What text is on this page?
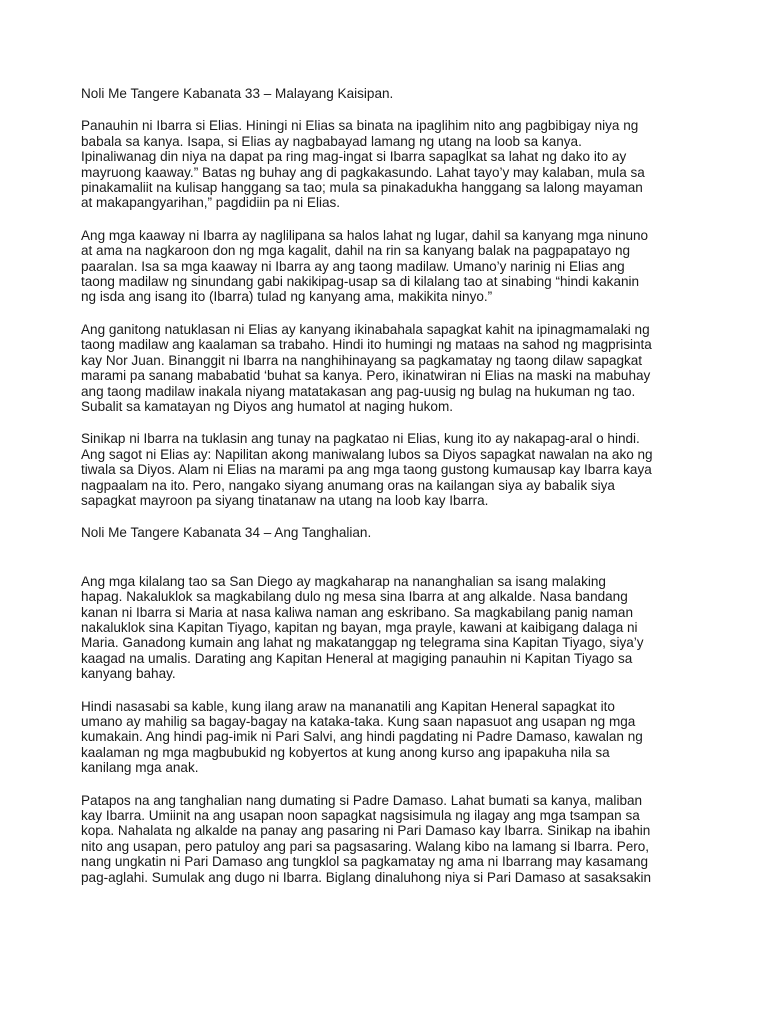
Noli Me Tangere Kabanata 33 – Malayang Kaisipan.
Panauhin ni Ibarra si Elias. Hiningi ni Elias sa binata na ipaglihim nito ang pagbibigay niya ng
babala sa kanya. Isapa, si Elias ay nagbabayad lamang ng utang na loob sa kanya.
Ipinaliwanag din niya na dapat pa ring mag-ingat si Ibarra sapaglkat sa lahat ng dako ito ay
mayruong kaaway.” Batas ng buhay ang di pagkakasundo. Lahat tayo’y may kalaban, mula sa
pinakamaliit na kulisap hanggang sa tao; mula sa pinakadukha hanggang sa lalong mayaman
at makapangyarihan,” pagdidiin pa ni Elias.
Ang mga kaaway ni Ibarra ay naglilipana sa halos lahat ng lugar, dahil sa kanyang mga ninuno
at ama na nagkaroon don ng mga kagalit, dahil na rin sa kanyang balak na pagpapatayo ng
paaralan. Isa sa mga kaaway ni Ibarra ay ang taong madilaw. Umano’y narinig ni Elias ang
taong madilaw ng sinundang gabi nakikipag-usap sa di kilalang tao at sinabing “hindi kakanin
ng isda ang isang ito (Ibarra) tulad ng kanyang ama, makikita ninyo.”
Ang ganitong natuklasan ni Elias ay kanyang ikinabahala sapagkat kahit na ipinagmamalaki ng
taong madilaw ang kaalaman sa trabaho. Hindi ito humingi ng mataas na sahod ng magprisinta
kay Nor Juan. Binanggit ni Ibarra na nanghihinayang sa pagkamatay ng taong dilaw sapagkat
marami pa sanang mababatid ‘buhat sa kanya. Pero, ikinatwiran ni Elias na maski na mabuhay
ang taong madilaw inakala niyang matatakasan ang pag-uusig ng bulag na hukuman ng tao.
Subalit sa kamatayan ng Diyos ang humatol at naging hukom.
Sinikap ni Ibarra na tuklasin ang tunay na pagkatao ni Elias, kung ito ay nakapag-aral o hindi.
Ang sagot ni Elias ay: Napilitan akong maniwalang lubos sa Diyos sapagkat nawalan na ako ng
tiwala sa Diyos. Alam ni Elias na marami pa ang mga taong gustong kumausap kay Ibarra kaya
nagpaalam na ito. Pero, nangako siyang anumang oras na kailangan siya ay babalik siya
sapagkat mayroon pa siyang tinatanaw na utang na loob kay Ibarra.
Noli Me Tangere Kabanata 34 – Ang Tanghalian.
Ang mga kilalang tao sa San Diego ay magkaharap na nananghalian sa isang malaking
hapag. Nakaluklok sa magkabilang dulo ng mesa sina Ibarra at ang alkalde. Nasa bandang
kanan ni Ibarra si Maria at nasa kaliwa naman ang eskribano. Sa magkabilang panig naman
nakaluklok sina Kapitan Tiyago, kapitan ng bayan, mga prayle, kawani at kaibigang dalaga ni
Maria. Ganadong kumain ang lahat ng makatanggap ng telegrama sina Kapitan Tiyago, siya’y
kaagad na umalis. Darating ang Kapitan Heneral at magiging panauhin ni Kapitan Tiyago sa
kanyang bahay.
Hindi nasasabi sa kable, kung ilang araw na mananatili ang Kapitan Heneral sapagkat ito
umano ay mahilig sa bagay-bagay na kataka-taka. Kung saan napasuot ang usapan ng mga
kumakain. Ang hindi pag-imik ni Pari Salvi, ang hindi pagdating ni Padre Damaso, kawalan ng
kaalaman ng mga magbubukid ng kobyertos at kung anong kurso ang ipapakuha nila sa
kanilang mga anak.
Patapos na ang tanghalian nang dumating si Padre Damaso. Lahat bumati sa kanya, maliban
kay Ibarra. Umiinit na ang usapan noon sapagkat nagsisimula ng ilagay ang mga tsampan sa
kopa. Nahalata ng alkalde na panay ang pasaring ni Pari Damaso kay Ibarra. Sinikap na ibahin
nito ang usapan, pero patuloy ang pari sa pagsasaring. Walang kibo na lamang si Ibarra. Pero,
nang ungkatin ni Pari Damaso ang tungklol sa pagkamatay ng ama ni Ibarrang may kasamang
pag-aglahi. Sumulak ang dugo ni Ibarra. Biglang dinaluhong niya si Pari Damaso at sasaksakin
